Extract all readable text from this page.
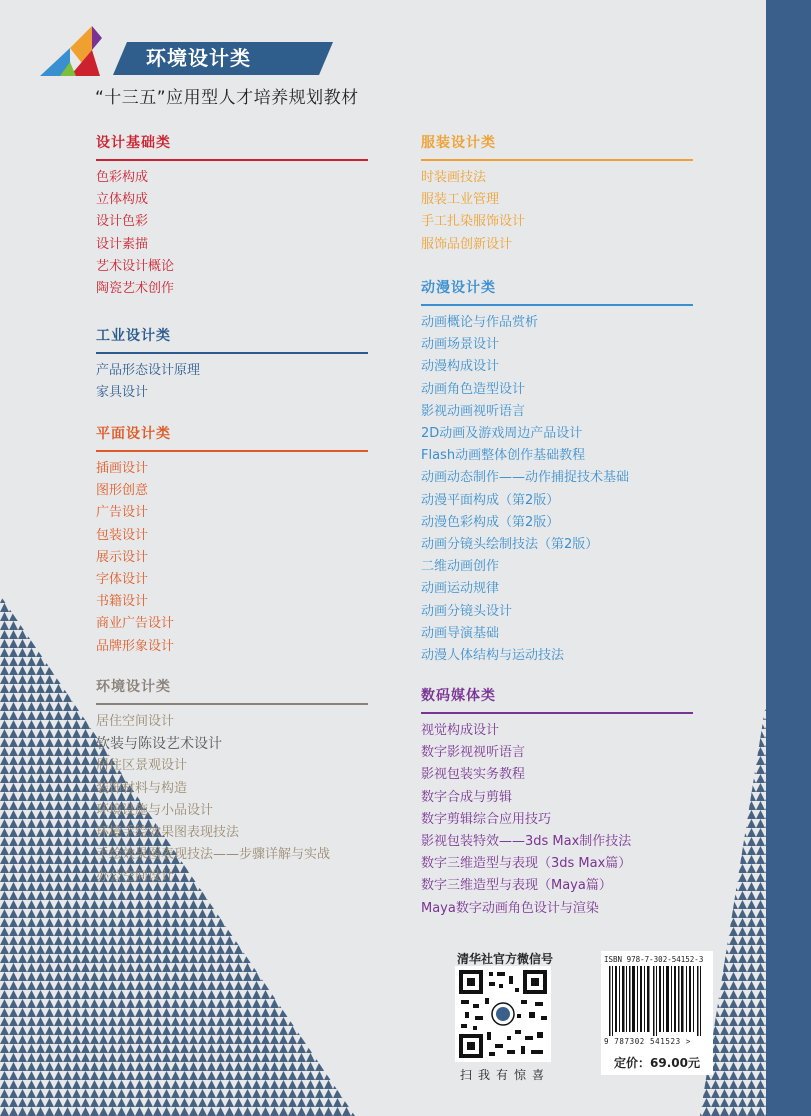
环境设计类
“十三五”应用型人才培养规划教材
设计基础类
色彩构成
立体构成
设计色彩
设计素描
艺术设计概论
陶瓷艺术创作
工业设计类
产品形态设计原理
家具设计
平面设计类
插画设计
图形创意
广告设计
包装设计
展示设计
字体设计
书籍设计
商业广告设计
品牌形象设计
环境设计类
居住空间设计
软装与陈设艺术设计
居住区景观设计
装饰材料与构造
环境设施与小品设计
环境手绘效果图表现技法
手绘效果图表现技法——步骤详解与实战
办公空间设计
服装设计类
时装画技法
服装工业管理
手工扎染服饰设计
服饰品创新设计
动漫设计类
动画概论与作品赏析
动画场景设计
动漫构成设计
动画角色造型设计
影视动画视听语言
2D动画及游戏周边产品设计
Flash动画整体创作基础教程
动画动态制作——动作捕捉技术基础
动漫平面构成（第2版）
动漫色彩构成（第2版）
动画分镜头绘制技法（第2版）
二维动画创作
动画运动规律
动画分镜头设计
动画导演基础
动漫人体结构与运动技法
数码媒体类
视觉构成设计
数字影视视听语言
影视包装实务教程
数字合成与剪辑
数字剪辑综合应用技巧
影视包装特效——3ds Max制作技法
数字三维造型与表现（3ds Max篇）
数字三维造型与表现（Maya篇）
Maya数字动画角色设计与渲染
清华社官方微信号
扫我有惊喜
ISBN 978-7-302-54152-3
9 787302 541523 >
定价：69.00元
